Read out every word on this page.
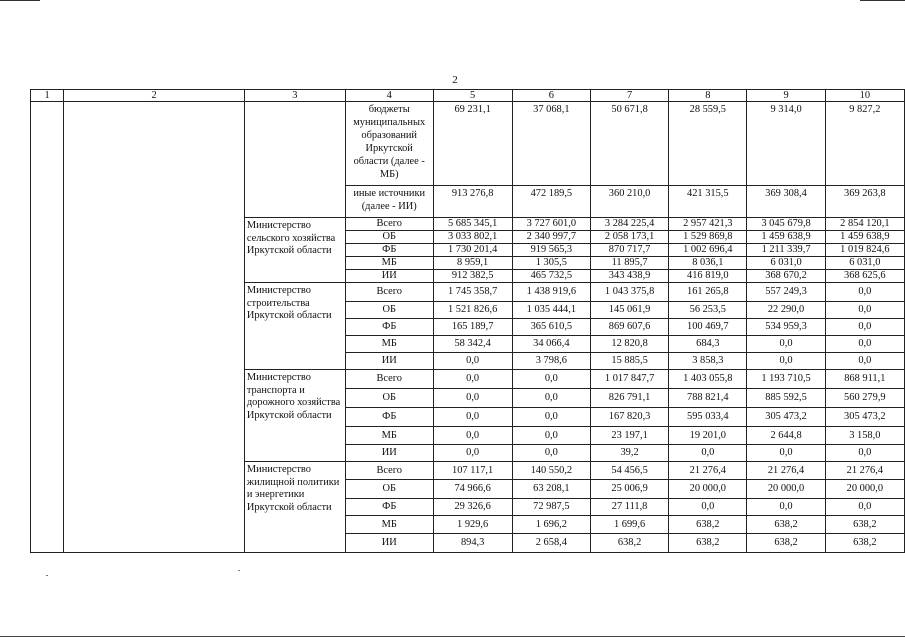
2
1	2	3	4	5	6	7	8	9	10
			бюджеты муниципальных образований Иркутской области (далее - МБ)	69 231,1	37 068,1	50 671,8	28 559,5	9 314,0	9 827,2
			иные источники (далее - ИИ)	913 276,8	472 189,5	360 210,0	421 315,5	369 308,4	369 263,8
		Министерство сельского хозяйства Иркутской области	Всего	5 685 345,1	3 727 601,0	3 284 225,4	2 957 421,3	3 045 679,8	2 854 120,1
			ОБ	3 033 802,1	2 340 997,7	2 058 173,1	1 529 869,8	1 459 638,9	1 459 638,9
			ФБ	1 730 201,4	919 565,3	870 717,7	1 002 696,4	1 211 339,7	1 019 824,6
			МБ	8 959,1	1 305,5	11 895,7	8 036,1	6 031,0	6 031,0
			ИИ	912 382,5	465 732,5	343 438,9	416 819,0	368 670,2	368 625,6
		Министерство строительства Иркутской области	Всего	1 745 358,7	1 438 919,6	1 043 375,8	161 265,8	557 249,3	0,0
			ОБ	1 521 826,6	1 035 444,1	145 061,9	56 253,5	22 290,0	0,0
			ФБ	165 189,7	365 610,5	869 607,6	100 469,7	534 959,3	0,0
			МБ	58 342,4	34 066,4	12 820,8	684,3	0,0	0,0
			ИИ	0,0	3 798,6	15 885,5	3 858,3	0,0	0,0
		Министерство транспорта и дорожного хозяйства Иркутской области	Всего	0,0	0,0	1 017 847,7	1 403 055,8	1 193 710,5	868 911,1
			ОБ	0,0	0,0	826 791,1	788 821,4	885 592,5	560 279,9
			ФБ	0,0	0,0	167 820,3	595 033,4	305 473,2	305 473,2
			МБ	0,0	0,0	23 197,1	19 201,0	2 644,8	3 158,0
			ИИ	0,0	0,0	39,2	0,0	0,0	0,0
		Министерство жилищной политики и энергетики Иркутской области	Всего	107 117,1	140 550,2	54 456,5	21 276,4	21 276,4	21 276,4
			ОБ	74 966,6	63 208,1	25 006,9	20 000,0	20 000,0	20 000,0
			ФБ	29 326,6	72 987,5	27 111,8	0,0	0,0	0,0
			МБ	1 929,6	1 696,2	1 699,6	638,2	638,2	638,2
			ИИ	894,3	2 658,4	638,2	638,2	638,2	638,2
